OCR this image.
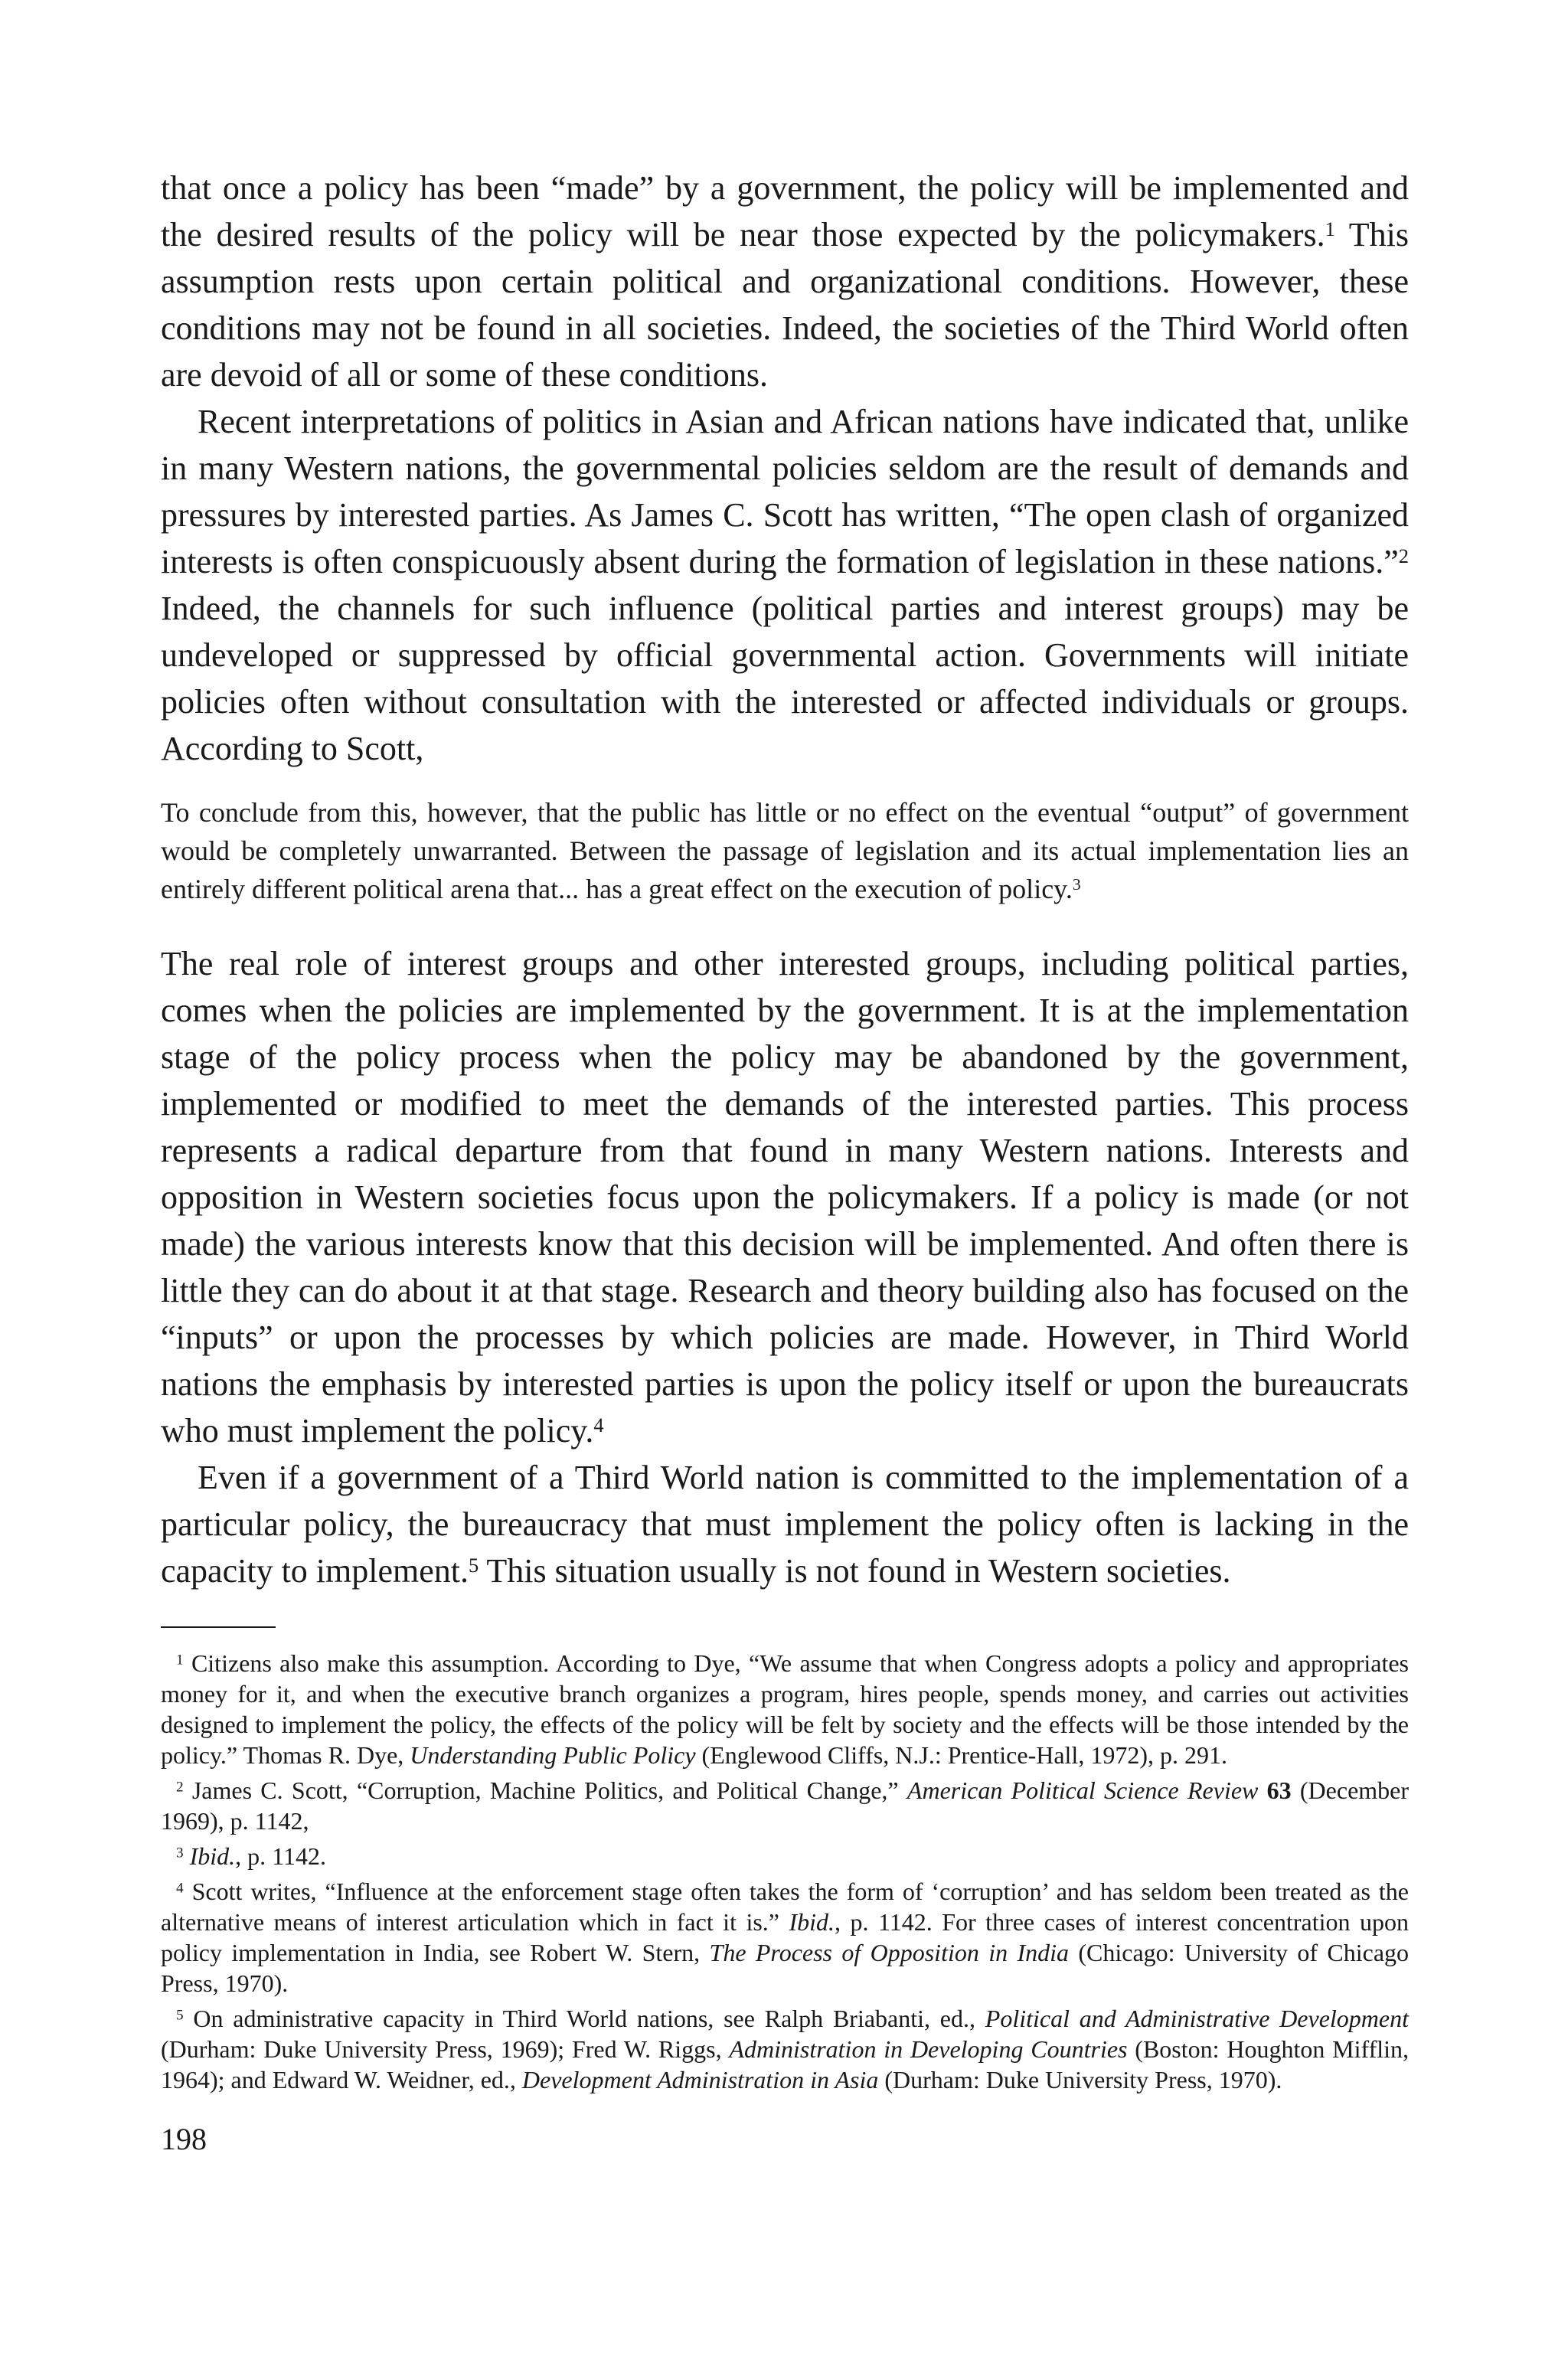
that once a policy has been “made” by a government, the policy will be implemented and the desired results of the policy will be near those expected by the policymakers.$^1$ This assumption rests upon certain political and organizational conditions. However, these conditions may not be found in all societies. Indeed, the societies of the Third World often are devoid of all or some of these conditions.

Recent interpretations of politics in Asian and African nations have indicated that, unlike in many Western nations, the governmental policies seldom are the result of demands and pressures by interested parties. As James C. Scott has written, “The open clash of organized interests is often conspicuously absent during the formation of legislation in these nations.”$^2$ Indeed, the channels for such influence (political parties and interest groups) may be undeveloped or suppressed by official governmental action. Governments will initiate policies often without consultation with the interested or affected individuals or groups. According to Scott,

To conclude from this, however, that the public has little or no effect on the eventual “output” of government would be completely unwarranted. Between the passage of legislation and its actual implementation lies an entirely different political arena that... has a great effect on the execution of policy.$^3$

The real role of interest groups and other interested groups, including political parties, comes when the policies are implemented by the government. It is at the implementation stage of the policy process when the policy may be abandoned by the government, implemented or modified to meet the demands of the interested parties. This process represents a radical departure from that found in many Western nations. Interests and opposition in Western societies focus upon the policymakers. If a policy is made (or not made) the various interests know that this decision will be implemented. And often there is little they can do about it at that stage. Research and theory building also has focused on the “inputs” or upon the processes by which policies are made. However, in Third World nations the emphasis by interested parties is upon the policy itself or upon the bureaucrats who must implement the policy.$^4$

Even if a government of a Third World nation is committed to the implementation of a particular policy, the bureaucracy that must implement the policy often is lacking in the capacity to implement.$^5$ This situation usually is not found in Western societies.

$^1$ Citizens also make this assumption. According to Dye, “We assume that when Congress adopts a policy and appropriates money for it, and when the executive branch organizes a program, hires people, spends money, and carries out activities designed to implement the policy, the effects of the policy will be felt by society and the effects will be those intended by the policy.” Thomas R. Dye, Understanding Public Policy (Englewood Cliffs, N.J.: Prentice-Hall, 1972), p. 291.

$^2$ James C. Scott, “Corruption, Machine Politics, and Political Change,” American Political Science Review 63 (December 1969), p. 1142,

$^3$ Ibid., p. 1142.

$^4$ Scott writes, “Influence at the enforcement stage often takes the form of ‘corruption’ and has seldom been treated as the alternative means of interest articulation which in fact it is.” Ibid., p. 1142. For three cases of interest concentration upon policy implementation in India, see Robert W. Stern, The Process of Opposition in India (Chicago: University of Chicago Press, 1970).

$^5$ On administrative capacity in Third World nations, see Ralph Briabanti, ed., Political and Administrative Development (Durham: Duke University Press, 1969); Fred W. Riggs, Administration in Developing Countries (Boston: Houghton Mifflin, 1964); and Edward W. Weidner, ed., Development Administration in Asia (Durham: Duke University Press, 1970).

198
